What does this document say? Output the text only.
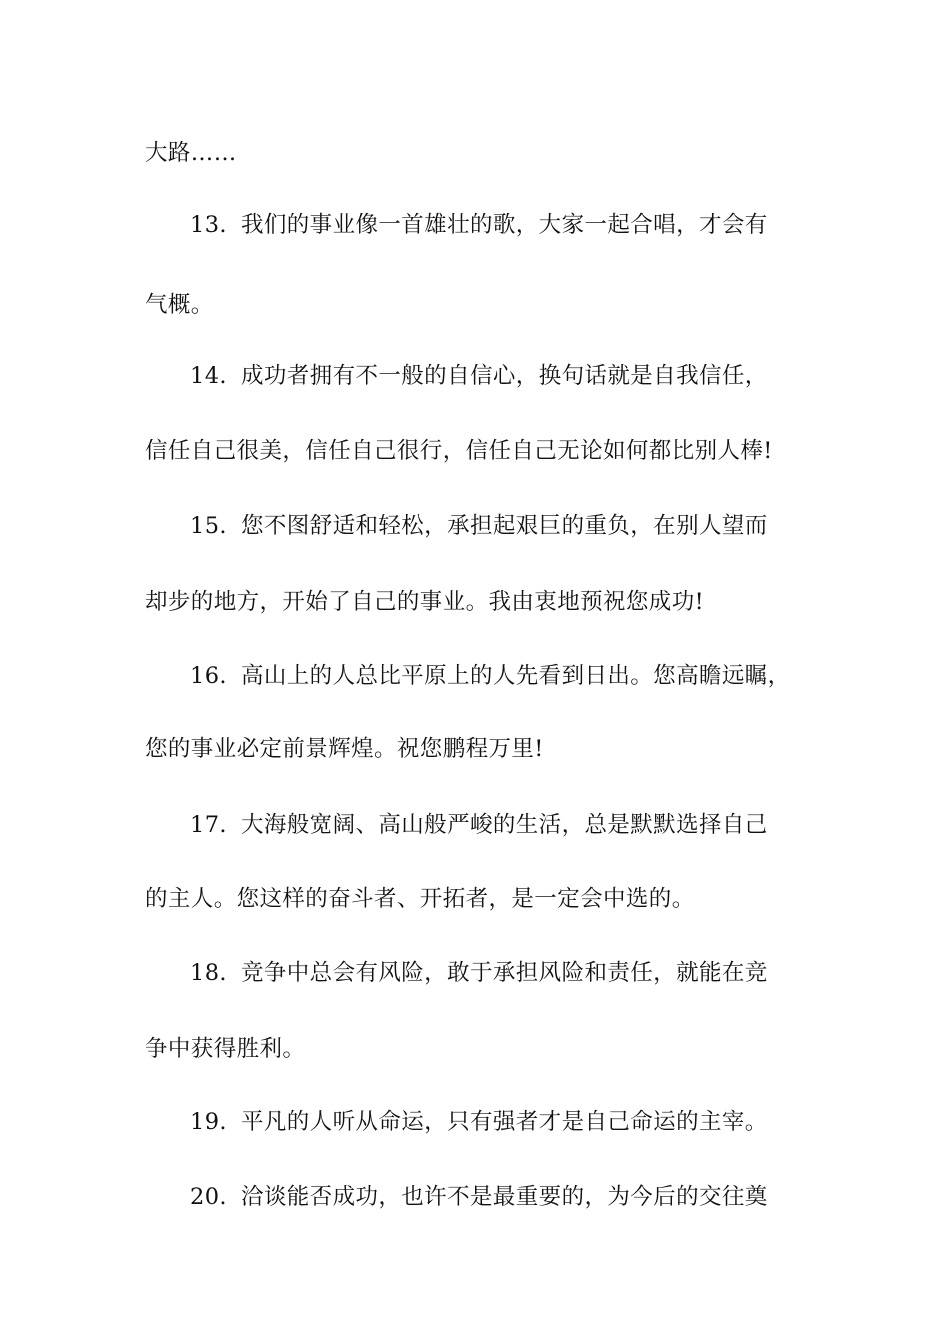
大路……
13. 我们的事业像一首雄壮的歌，大家一起合唱，才会有
气概。
14. 成功者拥有不一般的自信心，换句话就是自我信任，
信任自己很美，信任自己很行，信任自己无论如何都比别人棒!
15. 您不图舒适和轻松，承担起艰巨的重负，在别人望而
却步的地方，开始了自己的事业。我由衷地预祝您成功!
16. 高山上的人总比平原上的人先看到日出。您高瞻远瞩，
您的事业必定前景辉煌。祝您鹏程万里!
17. 大海般宽阔、高山般严峻的生活，总是默默选择自己
的主人。您这样的奋斗者、开拓者，是一定会中选的。
18. 竞争中总会有风险，敢于承担风险和责任，就能在竞
争中获得胜利。
19. 平凡的人听从命运，只有强者才是自己命运的主宰。
20. 洽谈能否成功，也许不是最重要的，为今后的交往奠
